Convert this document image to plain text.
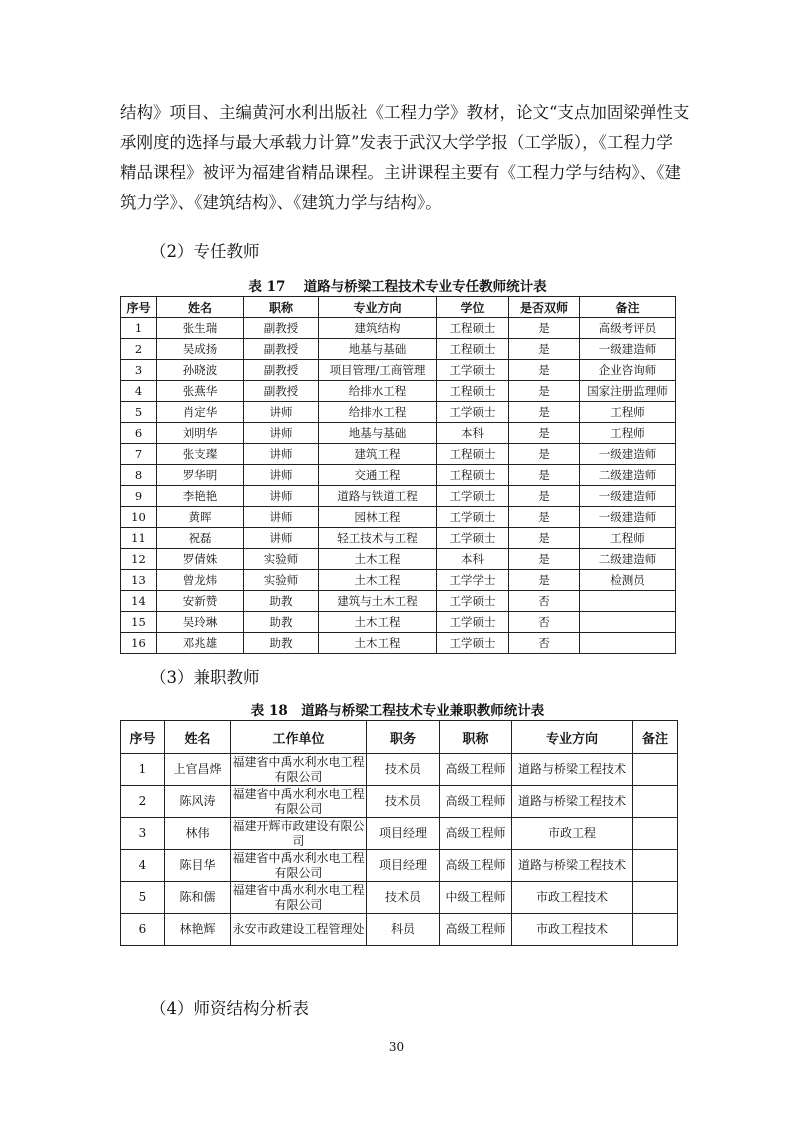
结构》项目、主编黄河水利出版社《工程力学》教材，论文“支点加固梁弹性支
承刚度的选择与最大承载力计算”发表于武汉大学学报（工学版），《工程力学
精品课程》被评为福建省精品课程。主讲课程主要有《工程力学与结构》、《建
筑力学》、《建筑结构》、《建筑力学与结构》。

（2）专任教师

表 17　 道路与桥梁工程技术专业专任教师统计表

序号	姓名	职称	专业方向	学位	是否双师	备注
1	张生瑞	副教授	建筑结构	工程硕士	是	高级考评员
2	吴成扬	副教授	地基与基础	工程硕士	是	一级建造师
3	孙晓波	副教授	项目管理/工商管理	工学硕士	是	企业咨询师
4	张燕华	副教授	给排水工程	工程硕士	是	国家注册监理师
5	肖定华	讲师	给排水工程	工学硕士	是	工程师
6	刘明华	讲师	地基与基础	本科	是	工程师
7	张支璨	讲师	建筑工程	工程硕士	是	一级建造师
8	罗华明	讲师	交通工程	工程硕士	是	二级建造师
9	李艳艳	讲师	道路与铁道工程	工学硕士	是	一级建造师
10	黄晖	讲师	园林工程	工学硕士	是	一级建造师
11	祝磊	讲师	轻工技术与工程	工学硕士	是	工程师
12	罗倩姝	实验师	土木工程	本科	是	二级建造师
13	曾龙炜	实验师	土木工程	工学学士	是	检测员
14	安新赞	助教	建筑与土木工程	工学硕士	否	
15	吴玲琳	助教	土木工程	工学硕士	否	
16	邓兆雄	助教	土木工程	工学硕士	否	

（3）兼职教师

表 18　道路与桥梁工程技术专业兼职教师统计表

序号	姓名	工作单位	职务	职称	专业方向	备注
1	上官昌烨	福建省中禹水利水电工程有限公司	技术员	高级工程师	道路与桥梁工程技术	
2	陈风涛	福建省中禹水利水电工程有限公司	技术员	高级工程师	道路与桥梁工程技术	
3	林伟	福建开辉市政建设有限公司	项目经理	高级工程师	市政工程	
4	陈目华	福建省中禹水利水电工程有限公司	项目经理	高级工程师	道路与桥梁工程技术	
5	陈和儒	福建省中禹水利水电工程有限公司	技术员	中级工程师	市政工程技术	
6	林艳辉	永安市政建设工程管理处	科员	高级工程师	市政工程技术	

（4）师资结构分析表

30
